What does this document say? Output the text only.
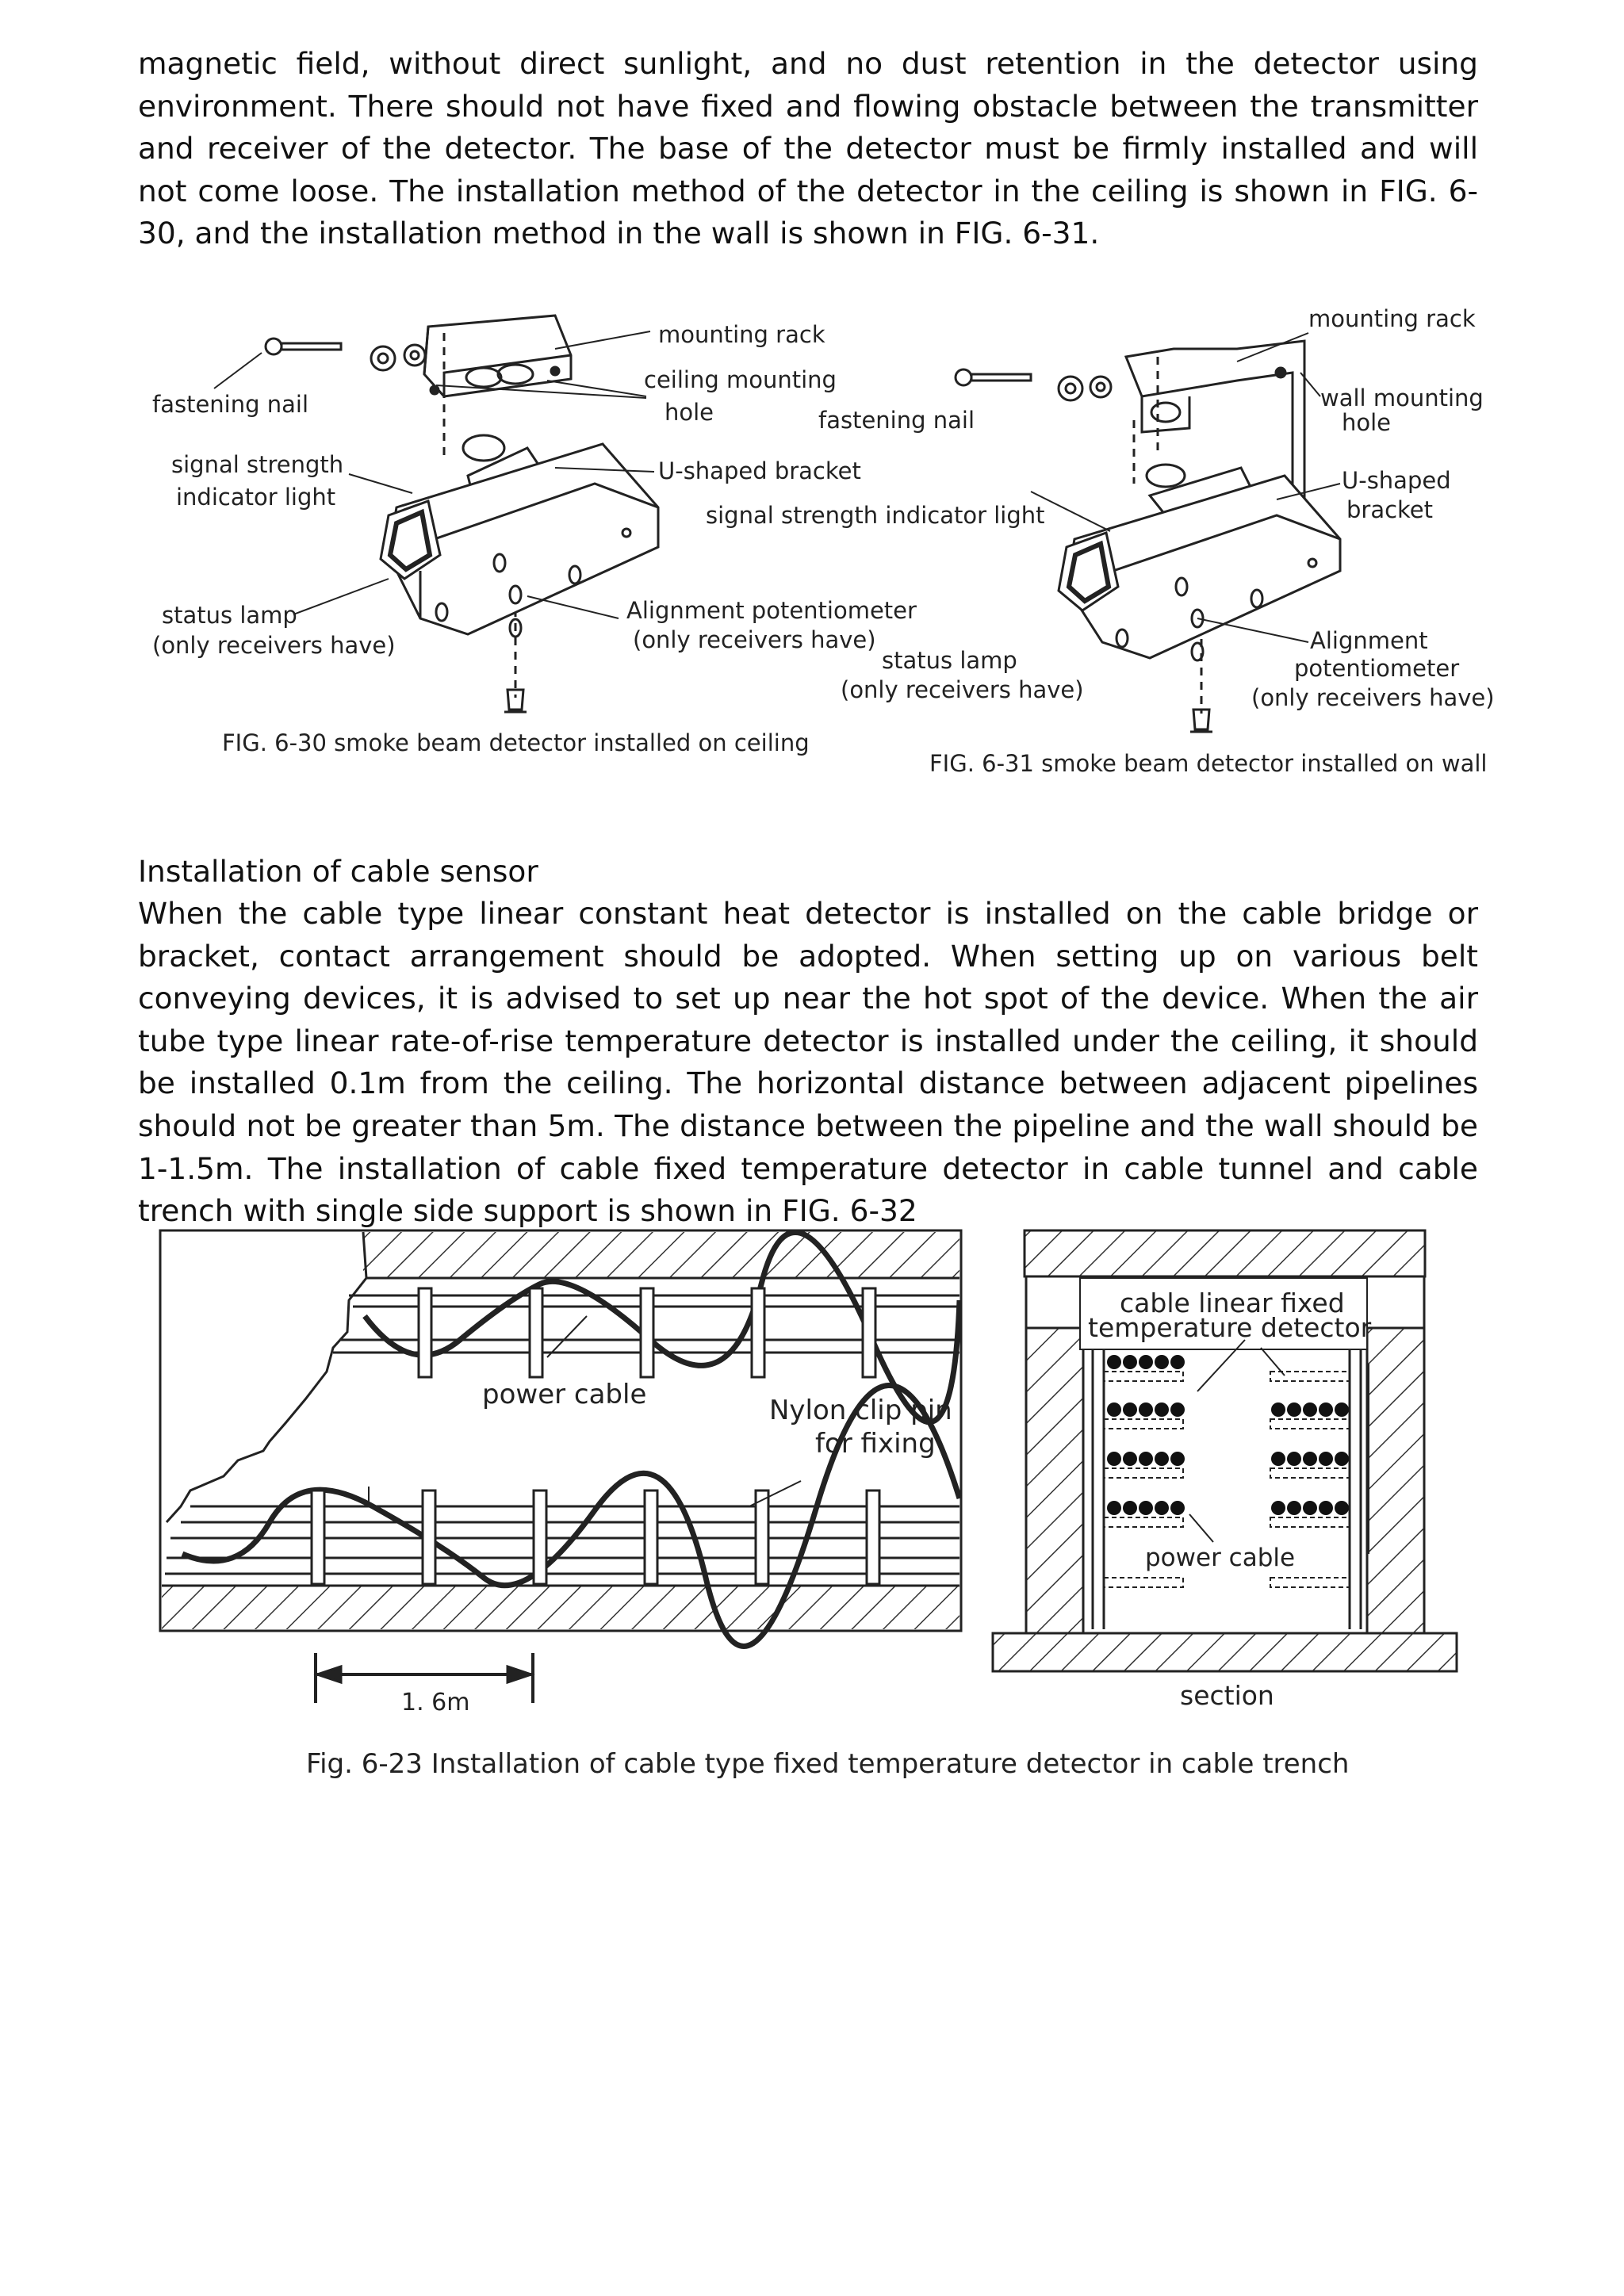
magnetic field, without direct sunlight, and no dust retention in the detector using environment. There should not have fixed and flowing obstacle between the transmitter and receiver of the detector. The base of the detector must be firmly installed and will not come loose. The installation method of the detector in the ceiling is shown in FIG. 6-30, and the installation method in the wall is shown in FIG. 6-31.

Installation of cable sensor

When the cable type linear constant heat detector is installed on the cable bridge or bracket, contact arrangement should be adopted. When setting up on various belt conveying devices, it is advised to set up near the hot spot of the device. When the air tube type linear rate-of-rise temperature detector is installed under the ceiling, it should be installed 0.1m from the ceiling. The horizontal distance between adjacent pipelines should not be greater than 5m. The distance between the pipeline and the wall should be 1-1.5m. The installation of cable fixed temperature detector in cable tunnel and cable trench with single side support is shown in FIG. 6-32

mounting rack
fastening nail
ceiling mounting
hole
signal strength
indicator light
U-shaped bracket
status lamp
(only receivers have)
Alignment potentiometer
(only receivers have)
FIG. 6-30 smoke beam detector installed on ceiling
mounting rack
fastening nail
wall mounting
hole
signal strength indicator light
U-shaped
bracket
status lamp
(only receivers have)
Alignment
potentiometer
(only receivers have)
FIG. 6-31 smoke beam detector installed on wall
power cable	Nylon clip pin
for fixing
1. 6m
cable linear fixed
temperature detector
power cable
section
Fig. 6-23 Installation of cable type fixed temperature detector in cable trench
